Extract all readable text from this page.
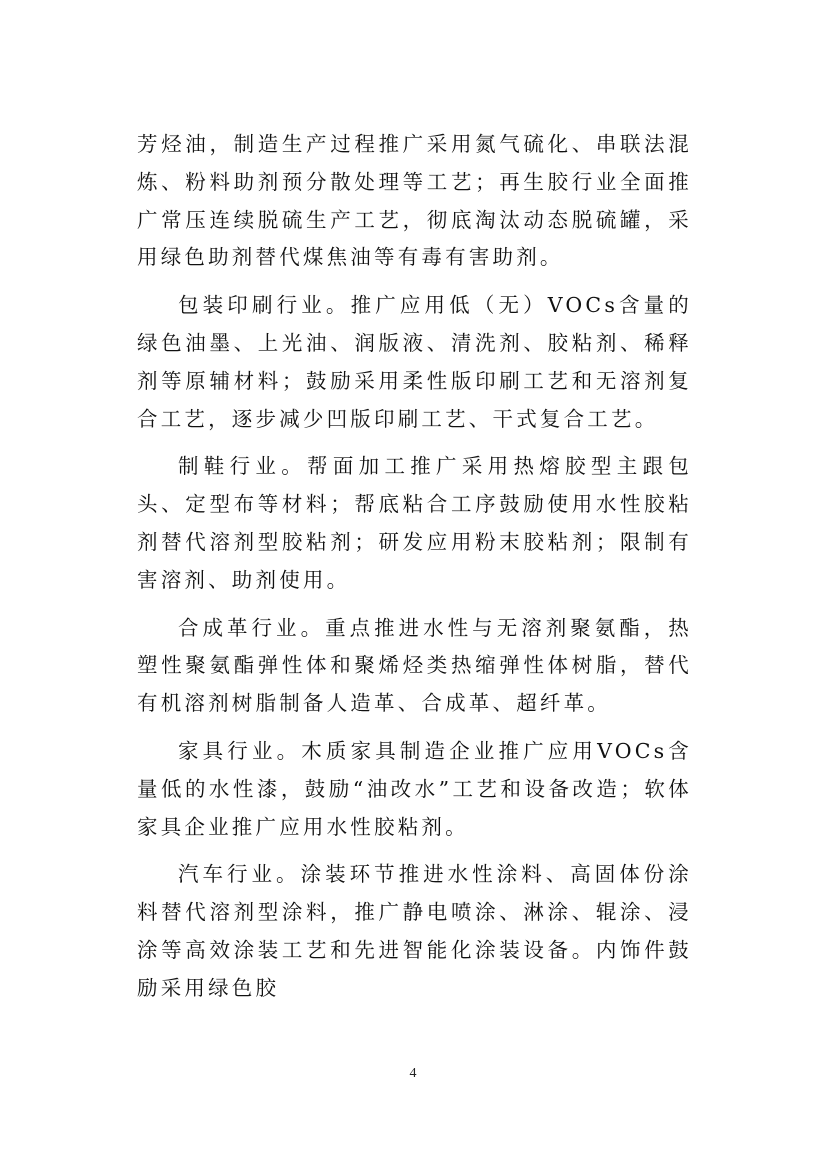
芳烃油，制造生产过程推广采用氮气硫化、串联法混炼、粉料助剂预分散处理等工艺；再生胶行业全面推广常压连续脱硫生产工艺，彻底淘汰动态脱硫罐，采用绿色助剂替代煤焦油等有毒有害助剂。

包装印刷行业。推广应用低（无）VOCs含量的绿色油墨、上光油、润版液、清洗剂、胶粘剂、稀释剂等原辅材料；鼓励采用柔性版印刷工艺和无溶剂复合工艺，逐步减少凹版印刷工艺、干式复合工艺。

制鞋行业。帮面加工推广采用热熔胶型主跟包头、定型布等材料；帮底粘合工序鼓励使用水性胶粘剂替代溶剂型胶粘剂；研发应用粉末胶粘剂；限制有害溶剂、助剂使用。

合成革行业。重点推进水性与无溶剂聚氨酯，热塑性聚氨酯弹性体和聚烯烃类热缩弹性体树脂，替代有机溶剂树脂制备人造革、合成革、超纤革。

家具行业。木质家具制造企业推广应用VOCs含量低的水性漆，鼓励“油改水”工艺和设备改造；软体家具企业推广应用水性胶粘剂。

汽车行业。涂装环节推进水性涂料、高固体份涂料替代溶剂型涂料，推广静电喷涂、淋涂、辊涂、浸涂等高效涂装工艺和先进智能化涂装设备。内饰件鼓励采用绿色胶

4
